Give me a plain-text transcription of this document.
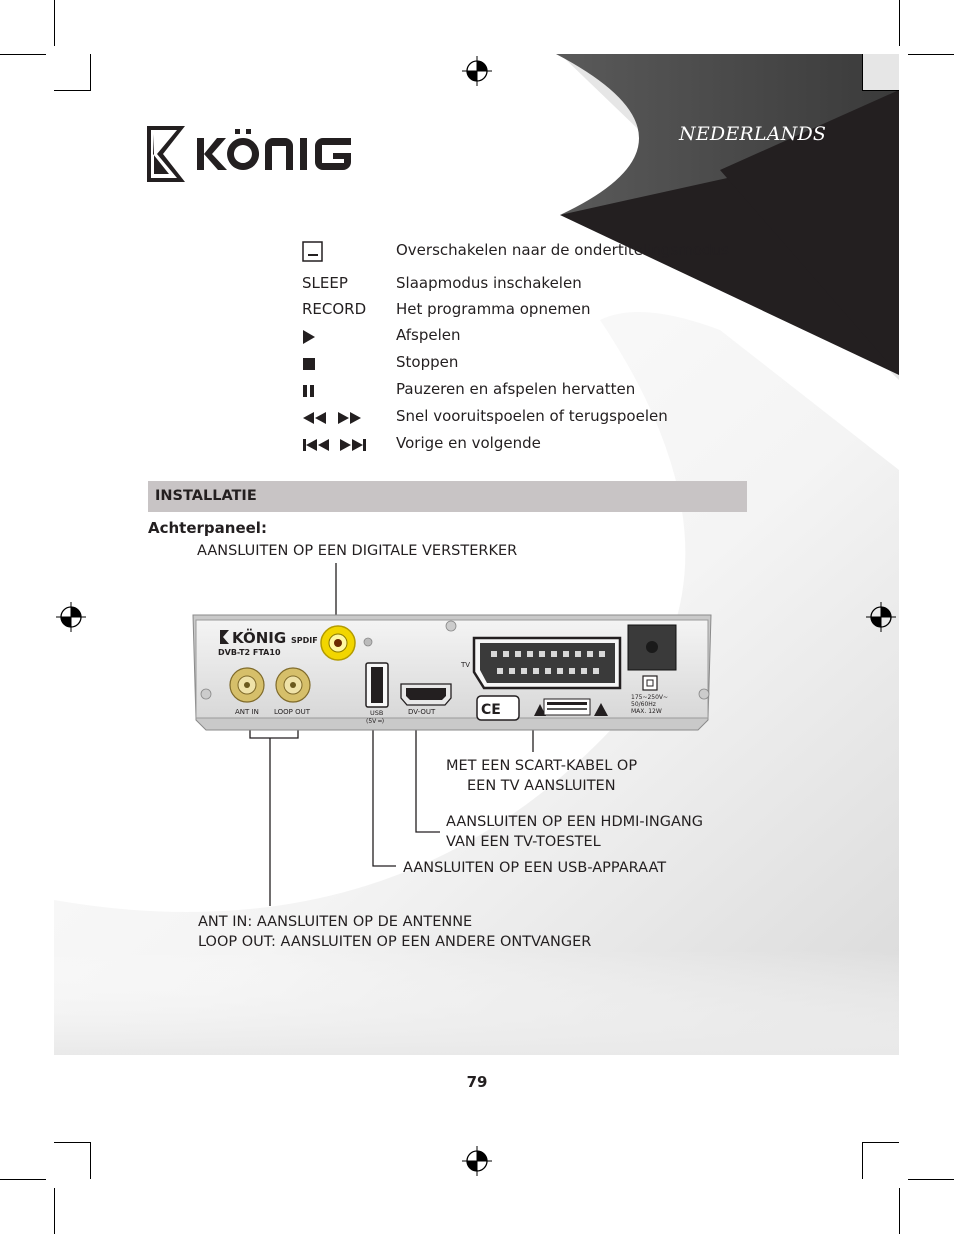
NEDERLANDS
Overschakelen naar de ondertitelingsmodus
SLEEP	Slaapmodus inschakelen
RECORD	Het programma opnemen
Afspelen
Stoppen
Pauzeren en afspelen hervatten
Snel vooruitspoelen of terugspoelen
Vorige en volgende
INSTALLATIE
Achterpaneel:
AANSLUITEN OP EEN DIGITALE VERSTERKER
MET EEN SCART-KABEL OP
EEN TV AANSLUITEN
AANSLUITEN OP EEN HDMI-INGANG
VAN EEN TV-TOESTEL
AANSLUITEN OP EEN USB-APPARAAT
ANT IN: AANSLUITEN OP DE ANTENNE
LOOP OUT: AANSLUITEN OP EEN ANDERE ONTVANGER
KÖNIG SPDIF
DVB-T2 FTA10
ANT IN LOOP OUT	USB
(5V ═)
DV-OUT
TV
CE
175~250V~
50/60Hz
MAX. 12W
79
